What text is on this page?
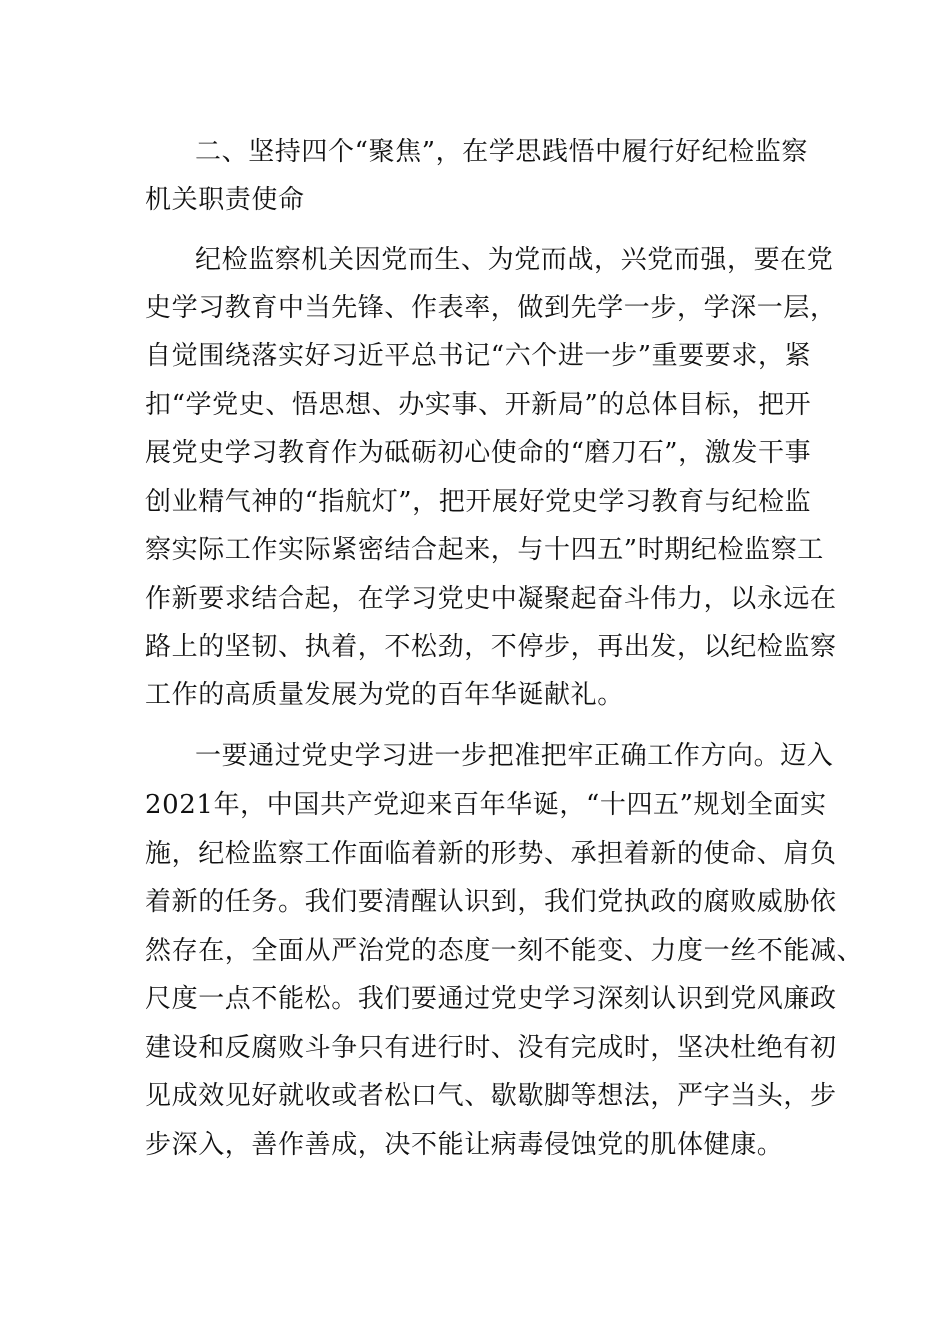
二、坚持四个“聚焦”，在学思践悟中履行好纪检监察
机关职责使命
纪检监察机关因党而生、为党而战，兴党而强，要在党
史学习教育中当先锋、作表率，做到先学一步，学深一层，
自觉围绕落实好习近平总书记“六个进一步”重要要求，紧
扣“学党史、悟思想、办实事、开新局”的总体目标，把开
展党史学习教育作为砥砺初心使命的“磨刀石”，激发干事
创业精气神的“指航灯”，把开展好党史学习教育与纪检监
察实际工作实际紧密结合起来，与十四五”时期纪检监察工
作新要求结合起，在学习党史中凝聚起奋斗伟力，以永远在
路上的坚韧、执着，不松劲，不停步，再出发，以纪检监察
工作的高质量发展为党的百年华诞献礼。
一要通过党史学习进一步把准把牢正确工作方向。迈入
2021年，中国共产党迎来百年华诞，“十四五”规划全面实
施，纪检监察工作面临着新的形势、承担着新的使命、肩负
着新的任务。我们要清醒认识到，我们党执政的腐败威胁依
然存在，全面从严治党的态度一刻不能变、力度一丝不能减、
尺度一点不能松。我们要通过党史学习深刻认识到党风廉政
建设和反腐败斗争只有进行时、没有完成时，坚决杜绝有初
见成效见好就收或者松口气、歇歇脚等想法，严字当头，步
步深入，善作善成，决不能让病毒侵蚀党的肌体健康。
